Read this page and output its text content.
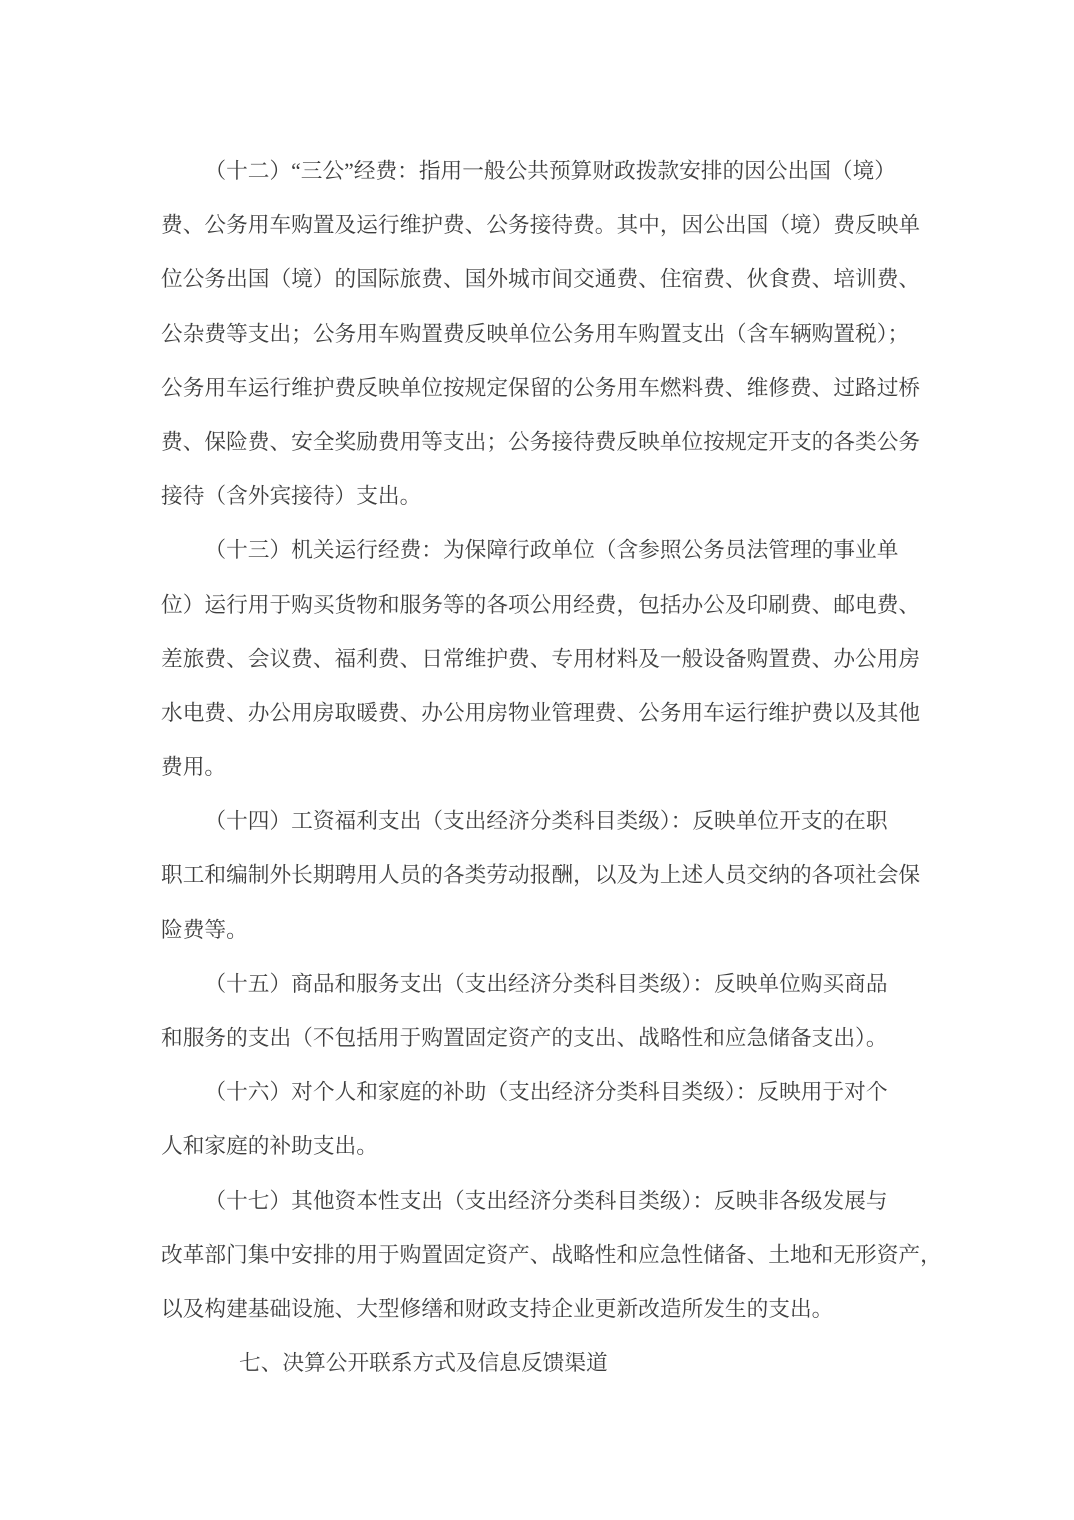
（十二）“三公”经费：指用一般公共预算财政拨款安排的因公出国（境）
费、公务用车购置及运行维护费、公务接待费。其中，因公出国（境）费反映单
位公务出国（境）的国际旅费、国外城市间交通费、住宿费、伙食费、培训费、
公杂费等支出；公务用车购置费反映单位公务用车购置支出（含车辆购置税）；
公务用车运行维护费反映单位按规定保留的公务用车燃料费、维修费、过路过桥
费、保险费、安全奖励费用等支出；公务接待费反映单位按规定开支的各类公务
接待（含外宾接待）支出。
（十三）机关运行经费：为保障行政单位（含参照公务员法管理的事业单
位）运行用于购买货物和服务等的各项公用经费，包括办公及印刷费、邮电费、
差旅费、会议费、福利费、日常维护费、专用材料及一般设备购置费、办公用房
水电费、办公用房取暖费、办公用房物业管理费、公务用车运行维护费以及其他
费用。
（十四）工资福利支出（支出经济分类科目类级）：反映单位开支的在职
职工和编制外长期聘用人员的各类劳动报酬，以及为上述人员交纳的各项社会保
险费等。
（十五）商品和服务支出（支出经济分类科目类级）：反映单位购买商品
和服务的支出（不包括用于购置固定资产的支出、战略性和应急储备支出）。
（十六）对个人和家庭的补助（支出经济分类科目类级）：反映用于对个
人和家庭的补助支出。
（十七）其他资本性支出（支出经济分类科目类级）：反映非各级发展与
改革部门集中安排的用于购置固定资产、战略性和应急性储备、土地和无形资产，
以及构建基础设施、大型修缮和财政支持企业更新改造所发生的支出。
七、决算公开联系方式及信息反馈渠道
